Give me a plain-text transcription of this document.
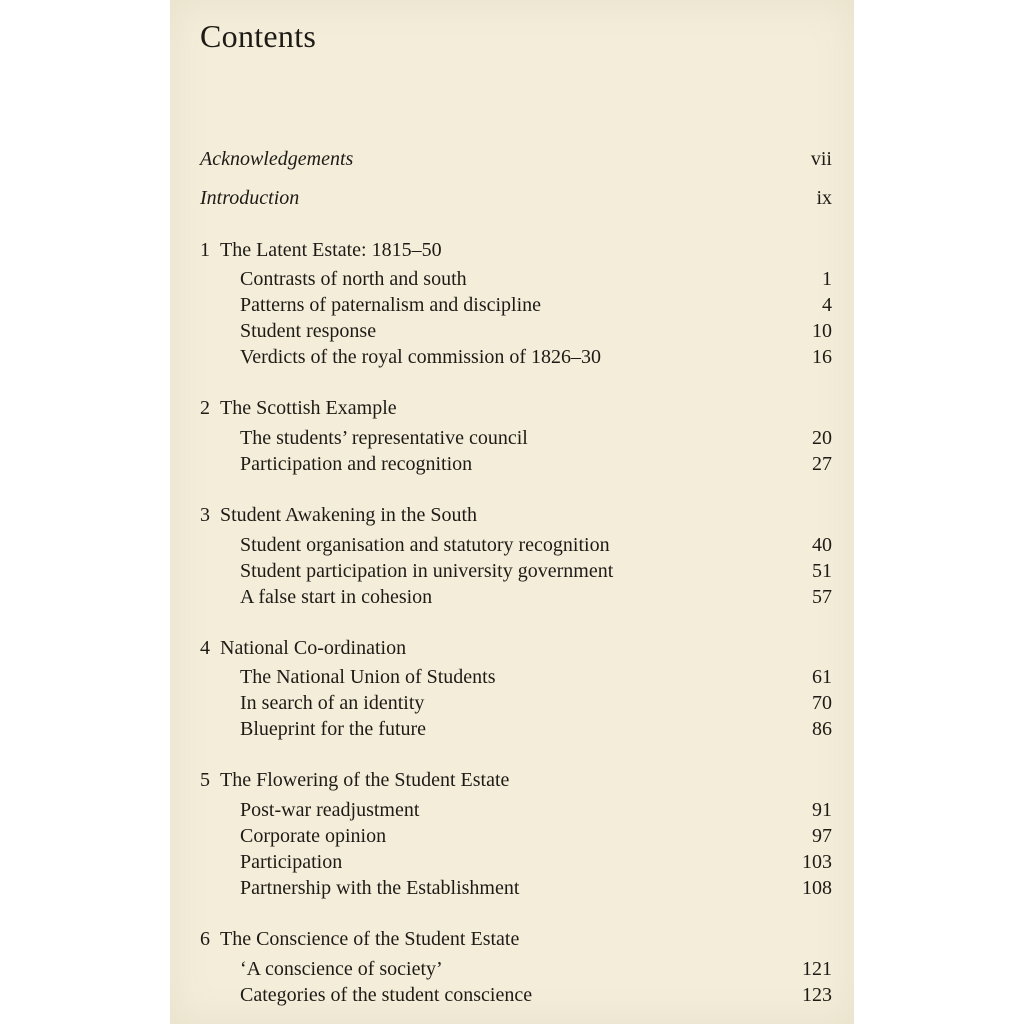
Contents
Acknowledgements	vii
Introduction	ix
1 The Latent Estate: 1815–50
Contrasts of north and south	1
Patterns of paternalism and discipline	4
Student response	10
Verdicts of the royal commission of 1826–30	16
2 The Scottish Example
The students’ representative council	20
Participation and recognition	27
3 Student Awakening in the South
Student organisation and statutory recognition	40
Student participation in university government	51
A false start in cohesion	57
4 National Co-ordination
The National Union of Students	61
In search of an identity	70
Blueprint for the future	86
5 The Flowering of the Student Estate
Post-war readjustment	91
Corporate opinion	97
Participation	103
Partnership with the Establishment	108
6 The Conscience of the Student Estate
‘A conscience of society’	121
Categories of the student conscience	123
